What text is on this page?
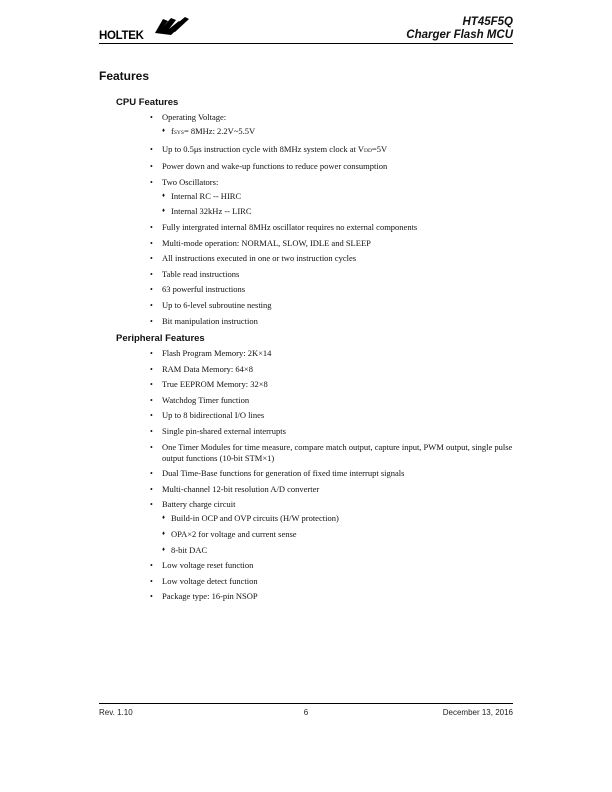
HOLTEK
HT45F5Q
Charger Flash MCU
Features
CPU Features
• Operating Voltage:
♦ fSYS= 8MHz: 2.2V~5.5V
• Up to 0.5μs instruction cycle with 8MHz system clock at VDD=5V
• Power down and wake-up functions to reduce power consumption
• Two Oscillators:
♦ Internal RC -- HIRC
♦ Internal 32kHz -- LIRC
• Fully intergrated internal 8MHz oscillator requires no external components
• Multi-mode operation: NORMAL, SLOW, IDLE and SLEEP
• All instructions executed in one or two instruction cycles
• Table read instructions
• 63 powerful instructions
• Up to 6-level subroutine nesting
• Bit manipulation instruction
Peripheral Features
• Flash Program Memory: 2K×14
• RAM Data Memory: 64×8
• True EEPROM Memory: 32×8
• Watchdog Timer function
• Up to 8 bidirectional I/O lines
• Single pin-shared external interrupts
• One Timer Modules for time measure, compare match output, capture input, PWM output, single pulse output functions (10-bit STM×1)
• Dual Time-Base functions for generation of fixed time interrupt signals
• Multi-channel 12-bit resolution A/D converter
• Battery charge circuit
♦ Build-in OCP and OVP circuits (H/W protection)
♦ OPA×2 for voltage and current sense
♦ 8-bit DAC
• Low voltage reset function
• Low voltage detect function
• Package type: 16-pin NSOP
Rev. 1.10	6	December 13, 2016
